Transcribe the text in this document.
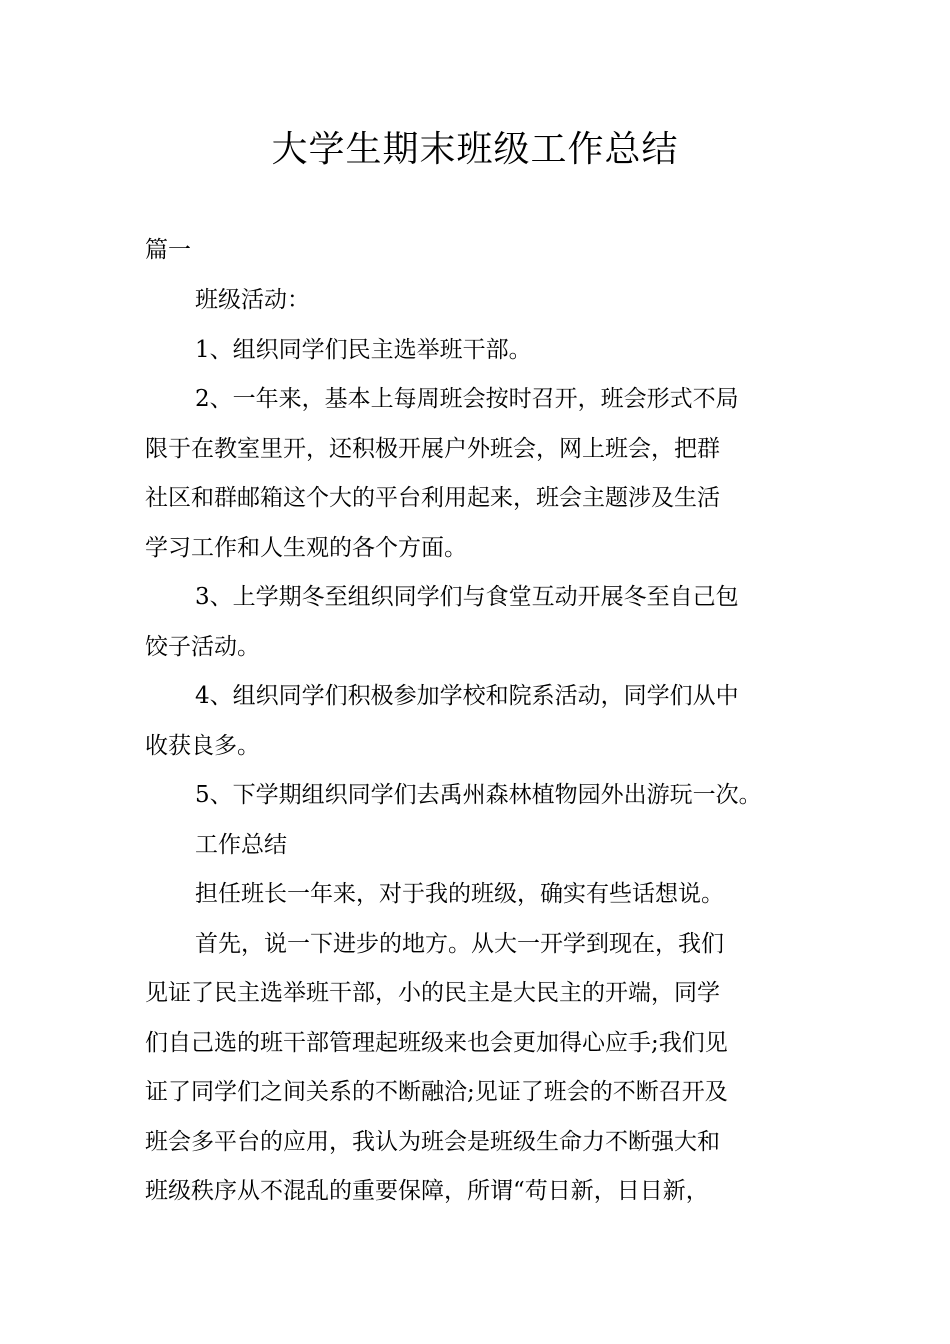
大学生期末班级工作总结
篇一

班级活动：

1、组织同学们民主选举班干部。

2、一年来，基本上每周班会按时召开，班会形式不局

限于在教室里开，还积极开展户外班会，网上班会，把群

社区和群邮箱这个大的平台利用起来，班会主题涉及生活

学习工作和人生观的各个方面。

3、上学期冬至组织同学们与食堂互动开展冬至自己包

饺子活动。

4、组织同学们积极参加学校和院系活动，同学们从中

收获良多。

5、下学期组织同学们去禹州森林植物园外出游玩一次。

工作总结

担任班长一年来，对于我的班级，确实有些话想说。

首先，说一下进步的地方。从大一开学到现在，我们

见证了民主选举班干部，小的民主是大民主的开端，同学

们自己选的班干部管理起班级来也会更加得心应手;我们见

证了同学们之间关系的不断融洽;见证了班会的不断召开及

班会多平台的应用，我认为班会是班级生命力不断强大和

班级秩序从不混乱的重要保障，所谓“苟日新，日日新，
